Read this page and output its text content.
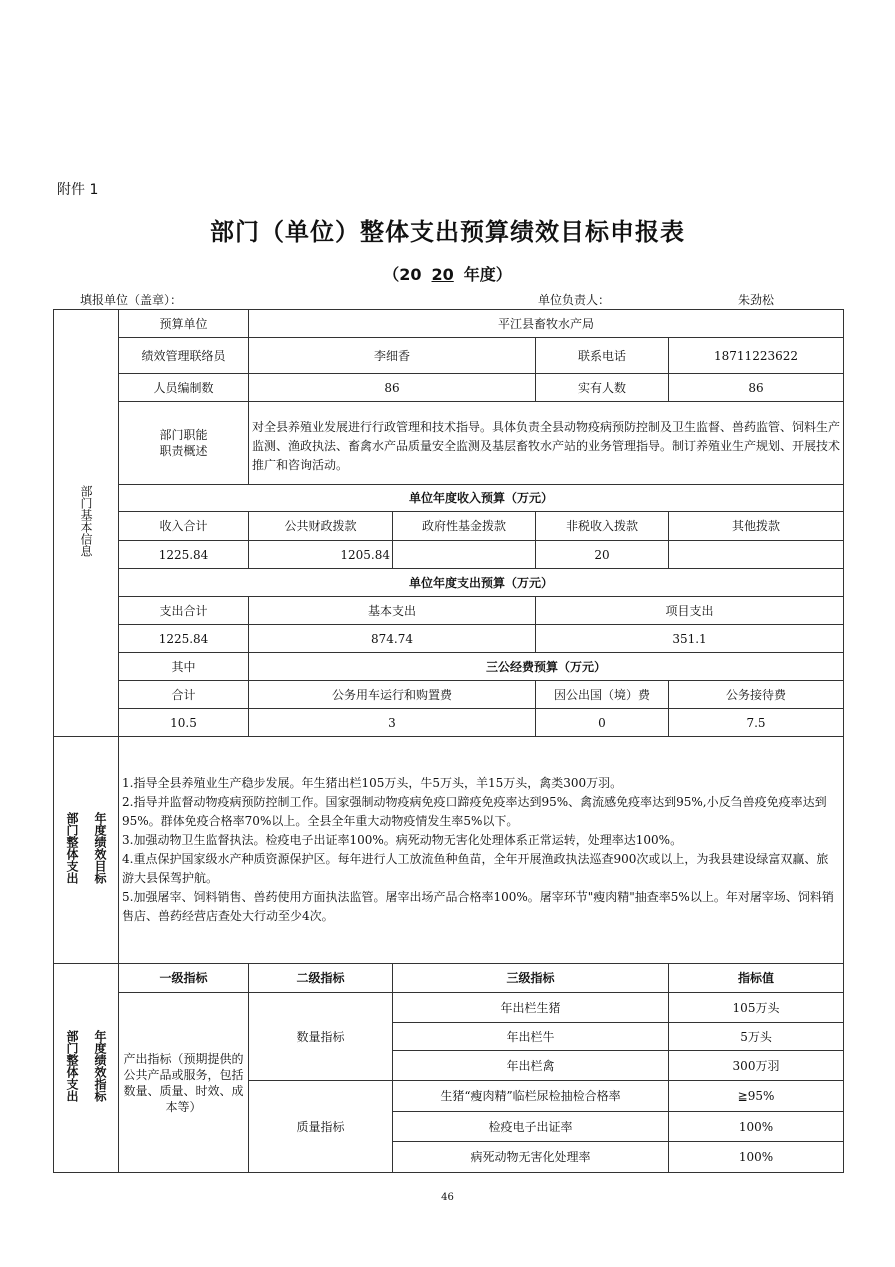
附件 1
部门（单位）整体支出预算绩效目标申报表
（20 20 年度）
填报单位（盖章）：	单位负责人：	朱劲松
部门基本信息	预算单位	平江县畜牧水产局			
	绩效管理联络员	李细香		联系电话	18711223622
	人员编制数	86		实有人数	86
	部门职能职责概述	对全县养殖业发展进行行政管理和技术指导。具体负责全县动物疫病预防控制及卫生监督、兽药监管、饲料生产监测、渔政执法、畜禽水产品质量安全监测及基层畜牧水产站的业务管理指导。制订养殖业生产规划、开展技术推广和咨询活动。			
	单位年度收入预算（万元）				
	收入合计	公共财政拨款	政府性基金拨款	非税收入拨款	其他拨款
	1225.84	1205.84		20	
	单位年度支出预算（万元）				
	支出合计	基本支出		项目支出	
	1225.84	874.74		351.1	
	其中	三公经费预算（万元）			
	合计	公务用车运行和购置费		因公出国（境）费	公务接待费
	10.5	3		0	7.5
部门整体支出 年度绩效目标	1.指导全县养殖业生产稳步发展。年生猪出栏105万头，牛5万头，羊15万头，禽类300万羽。
2.指导并监督动物疫病预防控制工作。国家强制动物疫病免疫口蹄疫免疫率达到95%、禽流感免疫率达到95%,小反刍兽疫免疫率达到95%。群体免疫合格率70%以上。全县全年重大动物疫情发生率5%以下。
3.加强动物卫生监督执法。检疫电子出证率100%。病死动物无害化处理体系正常运转，处理率达100%。
4.重点保护国家级水产种质资源保护区。每年进行人工放流鱼种鱼苗，全年开展渔政执法巡查900次或以上，为我县建设绿富双赢、旅游大县保驾护航。
5.加强屠宰、饲料销售、兽药使用方面执法监管。屠宰出场产品合格率100%。屠宰环节"瘦肉精"抽查率5%以上。年对屠宰场、饲料销售店、兽药经营店查处大行动至少4次。				

部门整体支出 年度绩效指标	一级指标	二级指标	三级指标		指标值
	产出指标（预期提供的公共产品或服务，包括数量、质量、时效、成本等）	数量指标	年出栏生猪		105万头
			年出栏牛		5万头
			年出栏禽		300万羽
		质量指标	生猪“瘦肉精”临栏尿检抽检合格率		≧95%
			检疫电子出证率		100%
			病死动物无害化处理率		100%
46
